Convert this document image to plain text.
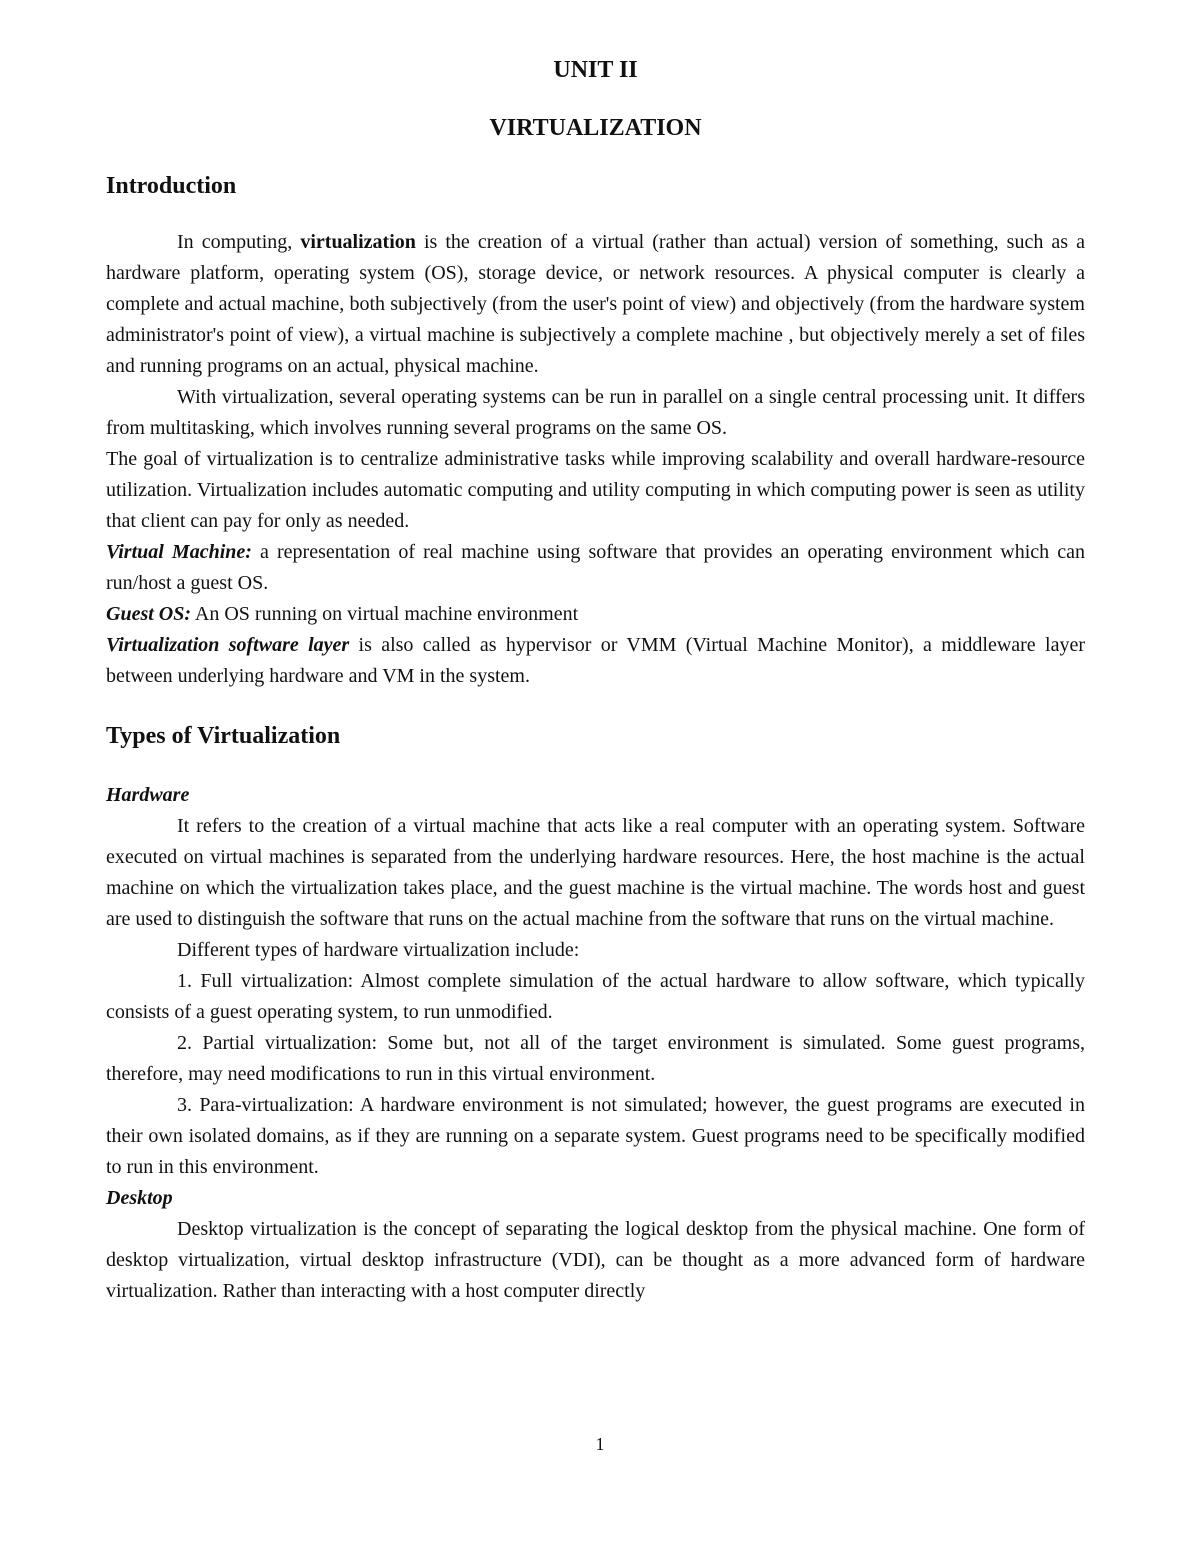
UNIT II

VIRTUALIZATION

Introduction

In computing, virtualization is the creation of a virtual (rather than actual) version of something, such as a hardware platform, operating system (OS), storage device, or network resources. A physical computer is clearly a complete and actual machine, both subjectively (from the user's point of view) and objectively (from the hardware system administrator's point of view), a virtual machine is subjectively a complete machine , but objectively merely a set of files and running programs on an actual, physical machine.

With virtualization, several operating systems can be run in parallel on a single central processing unit. It differs from multitasking, which involves running several programs on the same OS.

The goal of virtualization is to centralize administrative tasks while improving scalability and overall hardware-resource utilization. Virtualization includes automatic computing and utility computing in which computing power is seen as utility that client can pay for only as needed.

Virtual Machine: a representation of real machine using software that provides an operating environment which can run/host a guest OS.

Guest OS: An OS running on virtual machine environment

Virtualization software layer is also called as hypervisor or VMM (Virtual Machine Monitor), a middleware layer between underlying hardware and VM in the system.

Types of Virtualization

Hardware

It refers to the creation of a virtual machine that acts like a real computer with an operating system. Software executed on virtual machines is separated from the underlying hardware resources. Here, the host machine is the actual machine on which the virtualization takes place, and the guest machine is the virtual machine. The words host and guest are used to distinguish the software that runs on the actual machine from the software that runs on the virtual machine.

Different types of hardware virtualization include:

1. Full virtualization: Almost complete simulation of the actual hardware to allow software, which typically consists of a guest operating system, to run unmodified.

2. Partial virtualization: Some but, not all of the target environment is simulated. Some guest programs, therefore, may need modifications to run in this virtual environment.

3. Para-virtualization: A hardware environment is not simulated; however, the guest programs are executed in their own isolated domains, as if they are running on a separate system. Guest programs need to be specifically modified to run in this environment.

Desktop

Desktop virtualization is the concept of separating the logical desktop from the physical machine. One form of desktop virtualization, virtual desktop infrastructure (VDI), can be thought as a more advanced form of hardware virtualization. Rather than interacting with a host computer directly

1
